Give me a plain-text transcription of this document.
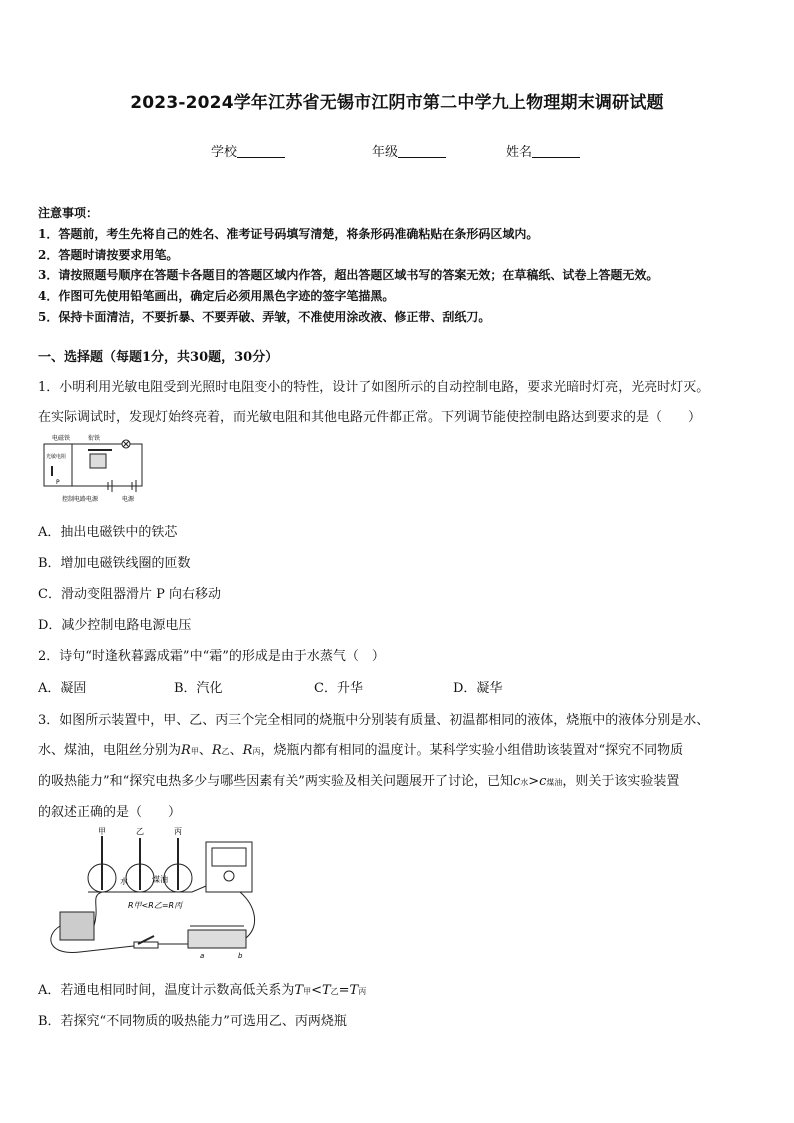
2023-2024学年江苏省无锡市江阴市第二中学九上物理期末调研试题
学校	年级	姓名
注意事项：
1．答题前，考生先将自己的姓名、准考证号码填写清楚，将条形码准确粘贴在条形码区域内。
2．答题时请按要求用笔。
3．请按照题号顺序在答题卡各题目的答题区域内作答，超出答题区域书写的答案无效；在草稿纸、试卷上答题无效。
4．作图可先使用铅笔画出，确定后必须用黑色字迹的签字笔描黑。
5．保持卡面清洁，不要折暴、不要弄破、弄皱，不准使用涂改液、修正带、刮纸刀。
一、选择题（每题1分，共30题，30分）
1．小明利用光敏电阻受到光照时电阻变小的特性，设计了如图所示的自动控制电路，要求光暗时灯亮，光亮时灯灭。
在实际调试时，发现灯始终亮着，而光敏电阻和其他电路元件都正常。下列调节能使控制电路达到要求的是（　　）
电磁铁	衔铁
光敏电阻
P
控制电路电源	电源
A．抽出电磁铁中的铁芯
B．增加电磁铁线圈的匝数
C．滑动变阻器滑片 P 向右移动
D．减少控制电路电源电压
2．诗句“时逢秋暮露成霜”中“霜”的形成是由于水蒸气（　）
A．凝固	B．汽化	C．升华	D．凝华
3．如图所示装置中，甲、乙、丙三个完全相同的烧瓶中分别装有质量、初温都相同的液体，烧瓶中的液体分别是水、
水、煤油，电阻丝分别为R甲、R乙、R丙，烧瓶内都有相同的温度计。某科学实验小组借助该装置对“探究不同物质
的吸热能力”和“探究电热多少与哪些因素有关”两实验及相关问题展开了讨论，已知c水>c煤油，则关于该实验装置
的叙述正确的是（　　）
甲	乙	丙
水	煤油
R甲<R乙=R丙
a	b
A．若通电相同时间，温度计示数高低关系为T甲<T乙=T丙
B．若探究“不同物质的吸热能力”可选用乙、丙两烧瓶
